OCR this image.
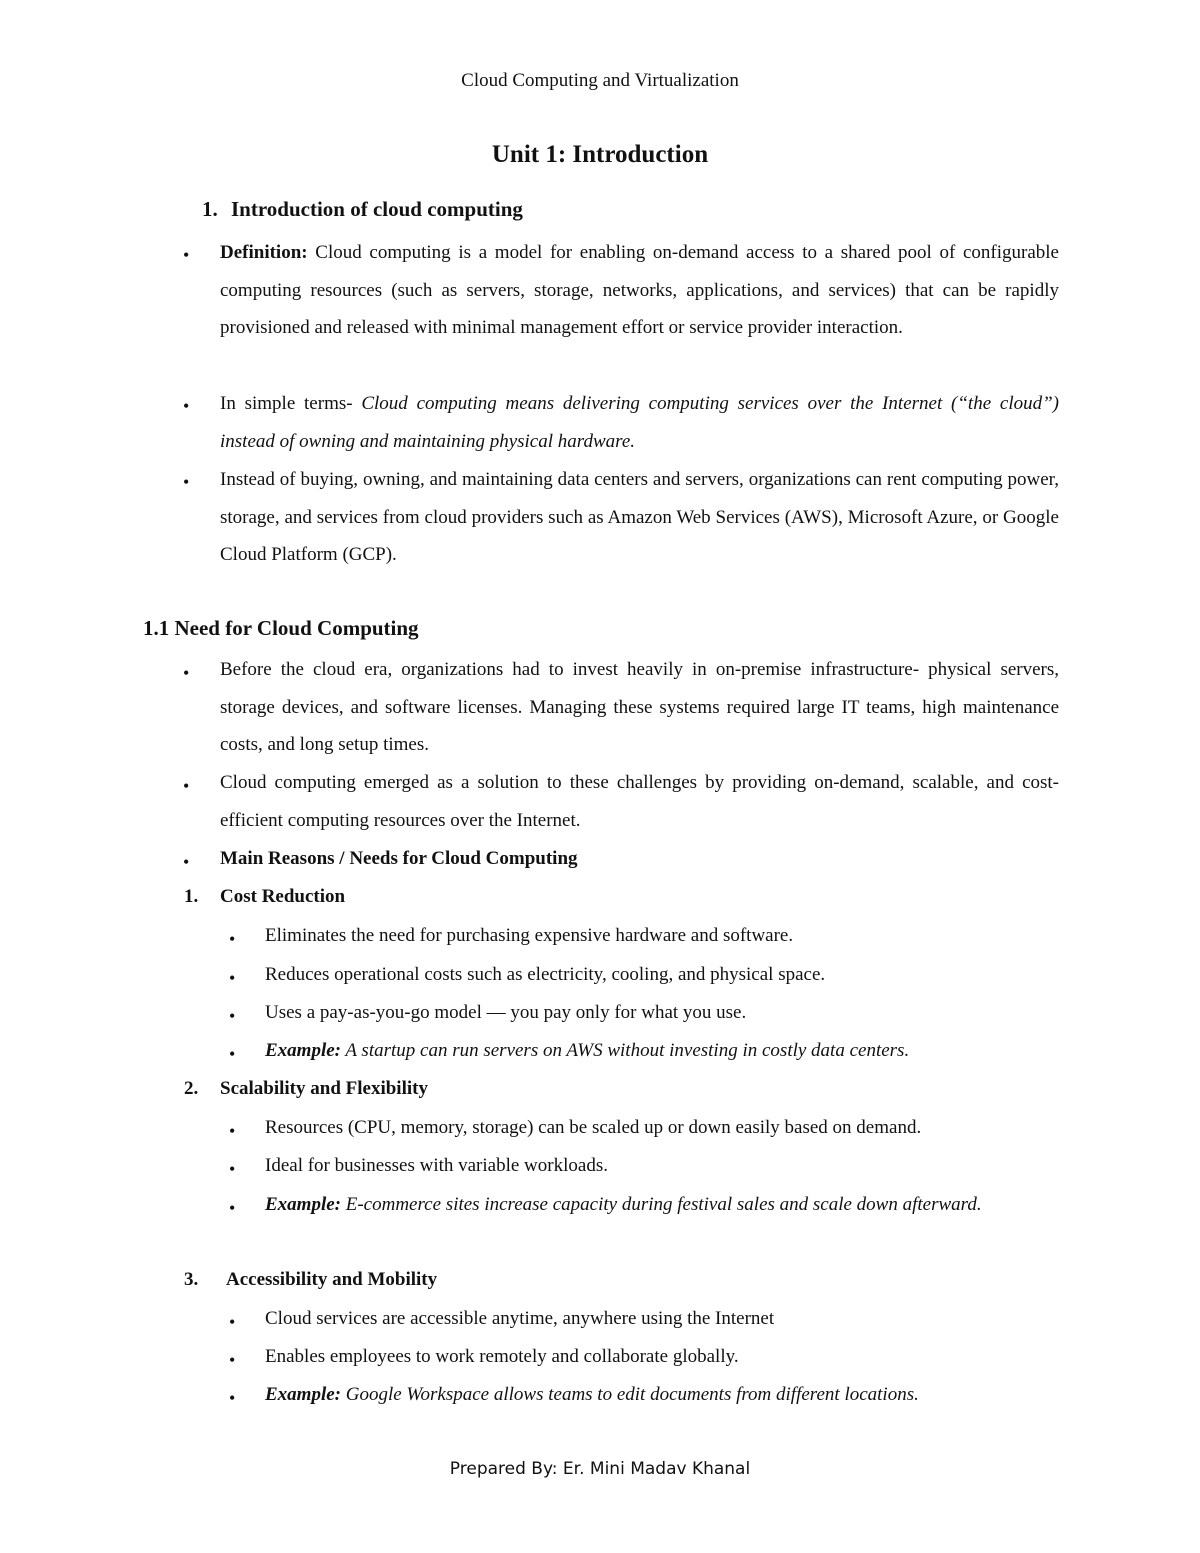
Cloud Computing and Virtualization
Unit 1: Introduction
1. Introduction of cloud computing
• Definition: Cloud computing is a model for enabling on-demand access to a shared pool of configurable computing resources (such as servers, storage, networks, applications, and services) that can be rapidly provisioned and released with minimal management effort or service provider interaction.

• In simple terms- Cloud computing means delivering computing services over the Internet (“the cloud”) instead of owning and maintaining physical hardware.

• Instead of buying, owning, and maintaining data centers and servers, organizations can rent computing power, storage, and services from cloud providers such as Amazon Web Services (AWS), Microsoft Azure, or Google Cloud Platform (GCP).

1.1 Need for Cloud Computing
• Before the cloud era, organizations had to invest heavily in on-premise infrastructure- physical servers, storage devices, and software licenses. Managing these systems required large IT teams, high maintenance costs, and long setup times.

• Cloud computing emerged as a solution to these challenges by providing on-demand, scalable, and cost-efficient computing resources over the Internet.

• Main Reasons / Needs for Cloud Computing

1. Cost Reduction

• Eliminates the need for purchasing expensive hardware and software.

• Reduces operational costs such as electricity, cooling, and physical space.

• Uses a pay-as-you-go model — you pay only for what you use.

• Example: A startup can run servers on AWS without investing in costly data centers.

2. Scalability and Flexibility

• Resources (CPU, memory, storage) can be scaled up or down easily based on demand.

• Ideal for businesses with variable workloads.

• Example: E-commerce sites increase capacity during festival sales and scale down afterward.

3. Accessibility and Mobility

• Cloud services are accessible anytime, anywhere using the Internet

• Enables employees to work remotely and collaborate globally.

• Example: Google Workspace allows teams to edit documents from different locations.

Prepared By: Er. Mini Madav Khanal
